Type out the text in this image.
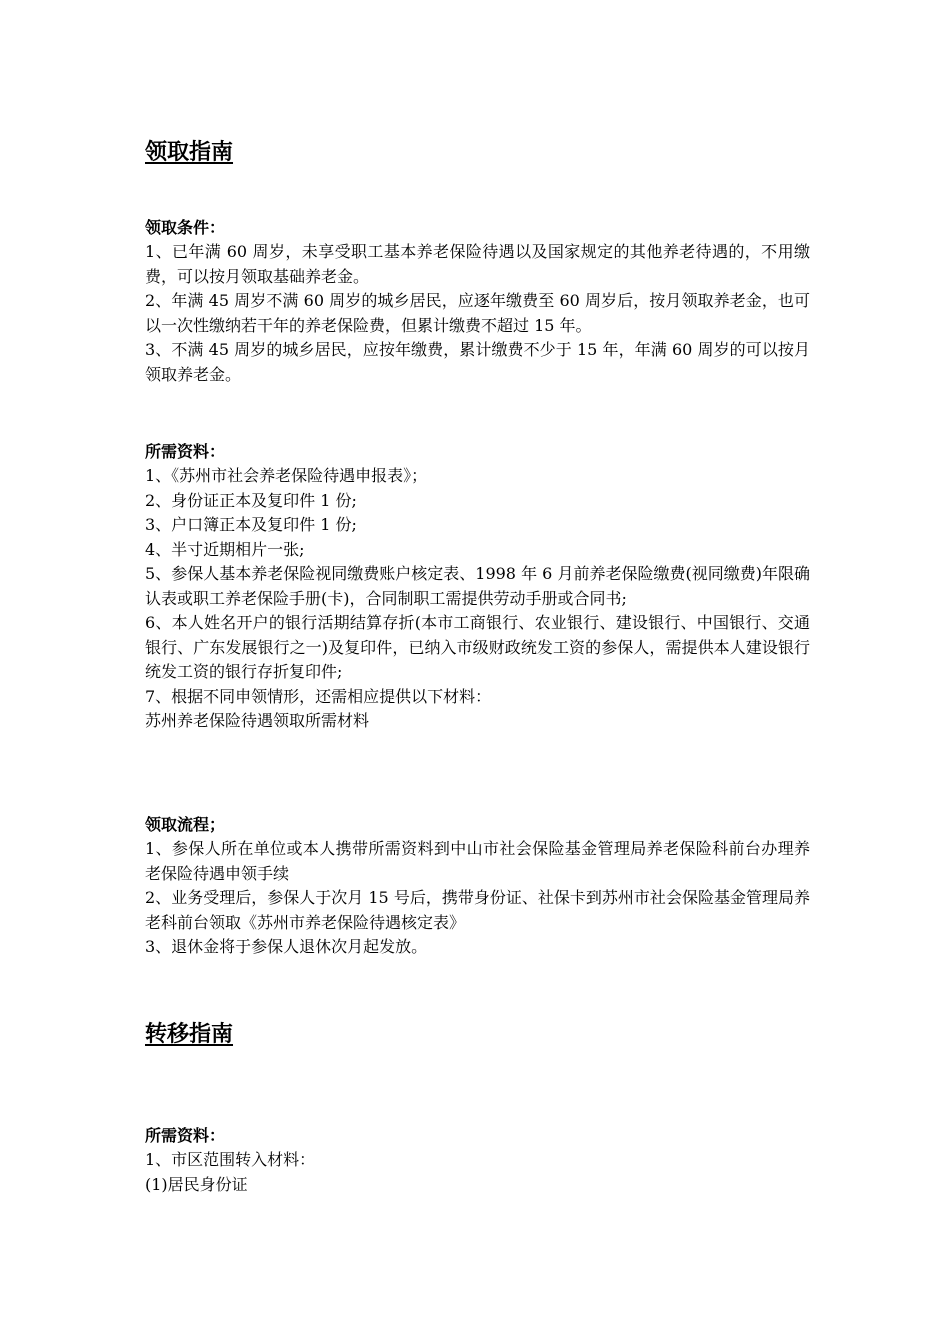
领取指南
领取条件：
1、已年满 60 周岁，未享受职工基本养老保险待遇以及国家规定的其他养老待遇的，不用缴费，可以按月领取基础养老金。
2、年满 45 周岁不满 60 周岁的城乡居民，应逐年缴费至 60 周岁后，按月领取养老金，也可以一次性缴纳若干年的养老保险费，但累计缴费不超过 15 年。
3、不满 45 周岁的城乡居民，应按年缴费，累计缴费不少于 15 年，年满 60 周岁的可以按月领取养老金。
所需资料：
1、《苏州市社会养老保险待遇申报表》；
2、身份证正本及复印件 1 份;
3、户口簿正本及复印件 1 份;
4、半寸近期相片一张;
5、参保人基本养老保险视同缴费账户核定表、1998 年 6 月前养老保险缴费(视同缴费)年限确认表或职工养老保险手册(卡)，合同制职工需提供劳动手册或合同书;
6、本人姓名开户的银行活期结算存折(本市工商银行、农业银行、建设银行、中国银行、交通银行、广东发展银行之一)及复印件，已纳入市级财政统发工资的参保人，需提供本人建设银行统发工资的银行存折复印件;
7、根据不同申领情形，还需相应提供以下材料：
苏州养老保险待遇领取所需材料
领取流程；
1、参保人所在单位或本人携带所需资料到中山市社会保险基金管理局养老保险科前台办理养老保险待遇申领手续
2、业务受理后，参保人于次月 15 号后，携带身份证、社保卡到苏州市社会保险基金管理局养老科前台领取《苏州市养老保险待遇核定表》
3、退休金将于参保人退休次月起发放。
转移指南
所需资料：
1、市区范围转入材料：
(1)居民身份证
